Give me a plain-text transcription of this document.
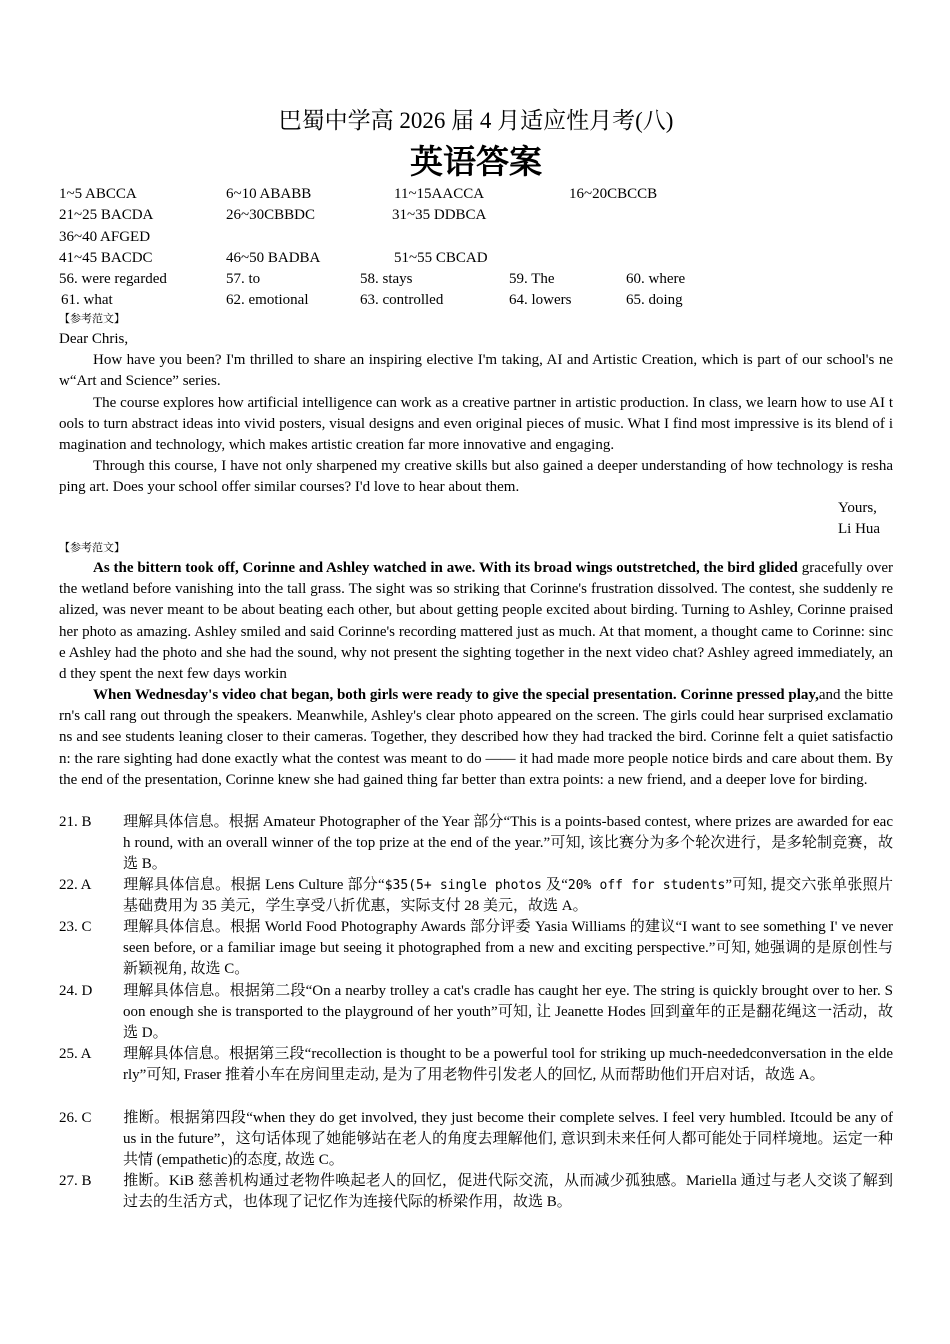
巴蜀中学高 2026 届 4 月适应性月考(八)
英语答案
1~5 ABCCA	6~10 ABABB	11~15AACCA	16~20CBCCB
21~25 BACDA	26~30CBBDC	31~35 DDBCA
36~40 AFGED
41~45 BACDC	46~50 BADBA	51~55 CBCAD
56. were regarded	57. to	58. stays	59. The	60. where
61. what	62. emotional	63. controlled	64. lowers	65. doing
【参考范文】
Dear Chris,
How have you been? I'm thrilled to share an inspiring elective I'm taking, AI and Artistic Creation, which is part of our school's new“Art and Science” series.
The course explores how artificial intelligence can work as a creative partner in artistic production. In class, we learn how to use AI tools to turn abstract ideas into vivid posters, visual designs and even original pieces of music. What I find most impressive is its blend of imagination and technology, which makes artistic creation far more innovative and engaging.
Through this course, I have not only sharpened my creative skills but also gained a deeper understanding of how technology is reshaping art. Does your school offer similar courses? I'd love to hear about them.
Yours,
Li Hua
【参考范文】
As the bittern took off, Corinne and Ashley watched in awe. With its broad wings outstretched, the bird glided gracefully over the wetland before vanishing into the tall grass. The sight was so striking that Corinne's frustration dissolved. The contest, she suddenly realized, was never meant to be about beating each other, but about getting people excited about birding. Turning to Ashley, Corinne praised her photo as amazing. Ashley smiled and said Corinne's recording mattered just as much. At that moment, a thought came to Corinne: since Ashley had the photo and she had the sound, why not present the sighting together in the next video chat? Ashley agreed immediately, and they spent the next few days workin
When Wednesday's video chat began, both girls were ready to give the special presentation. Corinne pressed play,and the bittern's call rang out through the speakers. Meanwhile, Ashley's clear photo appeared on the screen. The girls could hear surprised exclamations and see students leaning closer to their cameras. Together, they described how they had tracked the bird. Corinne felt a quiet satisfaction: the rare sighting had done exactly what the contest was meant to do —— it had made more people notice birds and care about them. By the end of the presentation, Corinne knew she had gained thing far better than extra points: a new friend, and a deeper love for birding.
21. B 理解具体信息。根据 Amateur Photographer of the Year 部分“This is a points-based contest, where prizes are awarded for each round, with an overall winner of the top prize at the end of the year.”可知, 该比赛分为多个轮次进行，是多轮制竞赛，故选 B。
22. A 理解具体信息。根据 Lens Culture 部分“$35(5+ single photos 及“20% off for students”可知, 提交六张单张照片基础费用为 35 美元，学生享受八折优惠，实际支付 28 美元，故选 A。
23. C 理解具体信息。根据 World Food Photography Awards 部分评委 Yasia Williams 的建议“I want to see something I' ve never seen before, or a familiar image but seeing it photographed from a new and exciting perspective.”可知, 她强调的是原创性与新颖视角, 故选 C。
24. D 理解具体信息。根据第二段“On a nearby trolley a cat's cradle has caught her eye. The string is quickly brought over to her. Soon enough she is transported to the playground of her youth”可知, 让 Jeanette Hodes 回到童年的正是翻花绳这一活动，故选 D。
25. A 理解具体信息。根据第三段“recollection is thought to be a powerful tool for striking up much-neededconversation in the elderly”可知, Fraser 推着小车在房间里走动, 是为了用老物件引发老人的回忆, 从而帮助他们开启对话，故选 A。
26. C 推断。根据第四段“when they do get involved, they just become their complete selves. I feel very humbled. Itcould be any of us in the future”，这句话体现了她能够站在老人的角度去理解他们, 意识到未来任何人都可能处于同样境地。运定一种共情 (empathetic)的态度, 故选 C。
27. B 推断。KiB 慈善机构通过老物件唤起老人的回忆，促进代际交流，从而减少孤独感。Mariella 通过与老人交谈了解到过去的生活方式，也体现了记忆作为连接代际的桥梁作用，故选 B。
